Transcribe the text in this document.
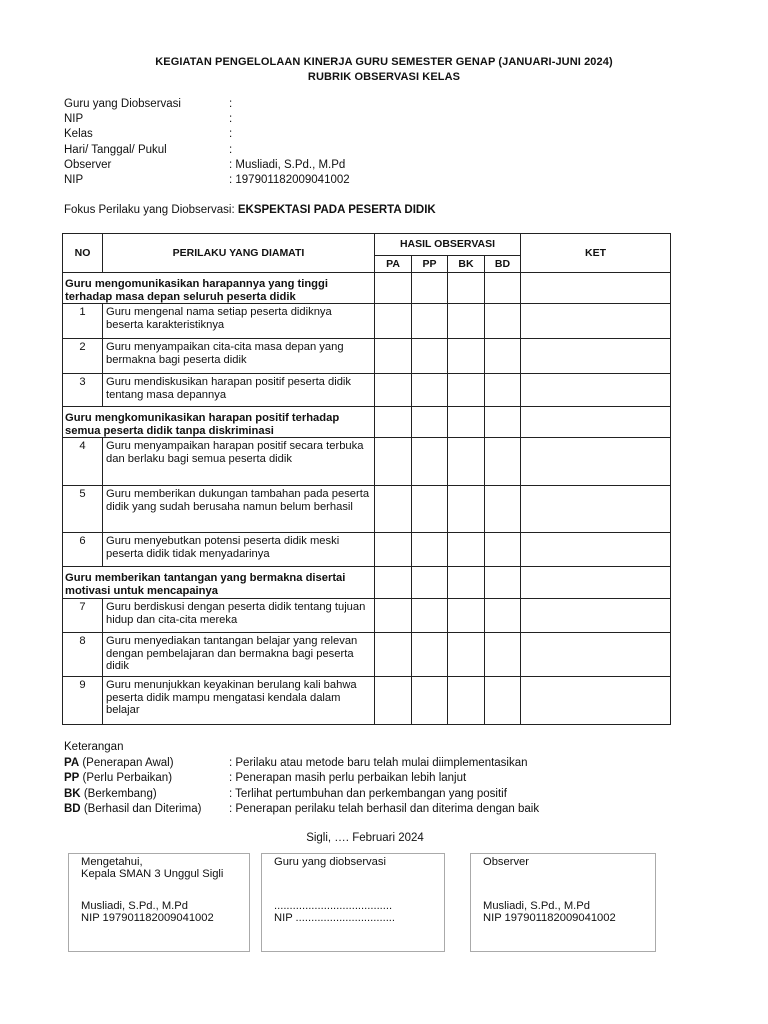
KEGIATAN PENGELOLAAN KINERJA GURU SEMESTER GENAP (JANUARI-JUNI 2024)
RUBRIK OBSERVASI KELAS
Guru yang Diobservasi	:
NIP	:
Kelas	:
Hari/ Tanggal/ Pukul	:
Observer	: Musliadi, S.Pd., M.Pd
NIP	: 197901182009041002
Fokus Perilaku yang Diobservasi: EKSPEKTASI PADA PESERTA DIDIK
NO	PERILAKU YANG DIAMATI	HASIL OBSERVASI				KET
		PA	PP	BK	BD	
Guru mengomunikasikan harapannya yang tinggi terhadap masa depan seluruh peserta didik						
1	Guru mengenal nama setiap peserta didiknya beserta karakteristiknya					
2	Guru menyampaikan cita-cita masa depan yang bermakna bagi peserta didik					
3	Guru mendiskusikan harapan positif peserta didik tentang masa depannya					
Guru mengkomunikasikan harapan positif terhadap semua peserta didik tanpa diskriminasi						
4	Guru menyampaikan harapan positif secara terbuka dan berlaku bagi semua peserta didik					
5	Guru memberikan dukungan tambahan pada peserta didik yang sudah berusaha namun belum berhasil					
6	Guru menyebutkan potensi peserta didik meski peserta didik tidak menyadarinya					
Guru memberikan tantangan yang bermakna disertai motivasi untuk mencapainya						
7	Guru berdiskusi dengan peserta didik tentang tujuan hidup dan cita-cita mereka					
8	Guru menyediakan tantangan belajar yang relevan dengan pembelajaran dan bermakna bagi peserta didik					
9	Guru menunjukkan keyakinan berulang kali bahwa peserta didik mampu mengatasi kendala dalam belajar					
Keterangan
PA (Penerapan Awal)	: Perilaku atau metode baru telah mulai diimplementasikan
PP (Perlu Perbaikan)	: Penerapan masih perlu perbaikan lebih lanjut
BK (Berkembang)	: Terlihat pertumbuhan dan perkembangan yang positif
BD (Berhasil dan Diterima)	: Penerapan perilaku telah berhasil dan diterima dengan baik
Sigli, …. Februari 2024
Mengetahui,
Kepala SMAN 3 Unggul Sigli
Musliadi, S.Pd., M.Pd
NIP 197901182009041002
Guru yang diobservasi
......................................
NIP ................................
Observer
Musliadi, S.Pd., M.Pd
NIP 197901182009041002
